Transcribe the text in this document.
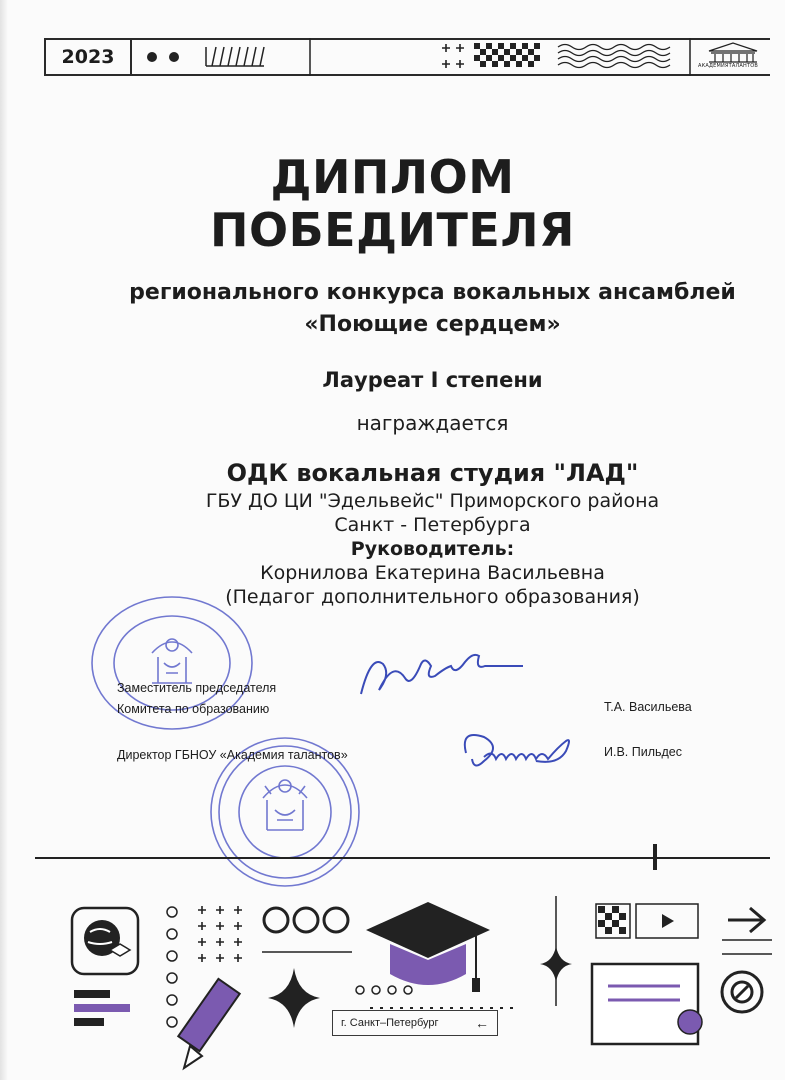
2023	АКАДЕМИЯТАЛАНТОВ
ДИПЛОМ
ПОБЕДИТЕЛЯ
регионального конкурса вокальных ансамблей
«Поющие сердцем»
Лауреат I степени
награждается
ОДК вокальная студия "ЛАД"
ГБУ ДО ЦИ "Эдельвейс" Приморского района
Санкт - Петербурга
Руководитель:
Корнилова Екатерина Васильевна
(Педагог дополнительного образования)
Заместитель председателя
Комитета по образованию	Т.А. Васильева
Директор ГБНОУ «Академия талантов»	И.В. Пильдес
г. Санкт–Петербург	←
